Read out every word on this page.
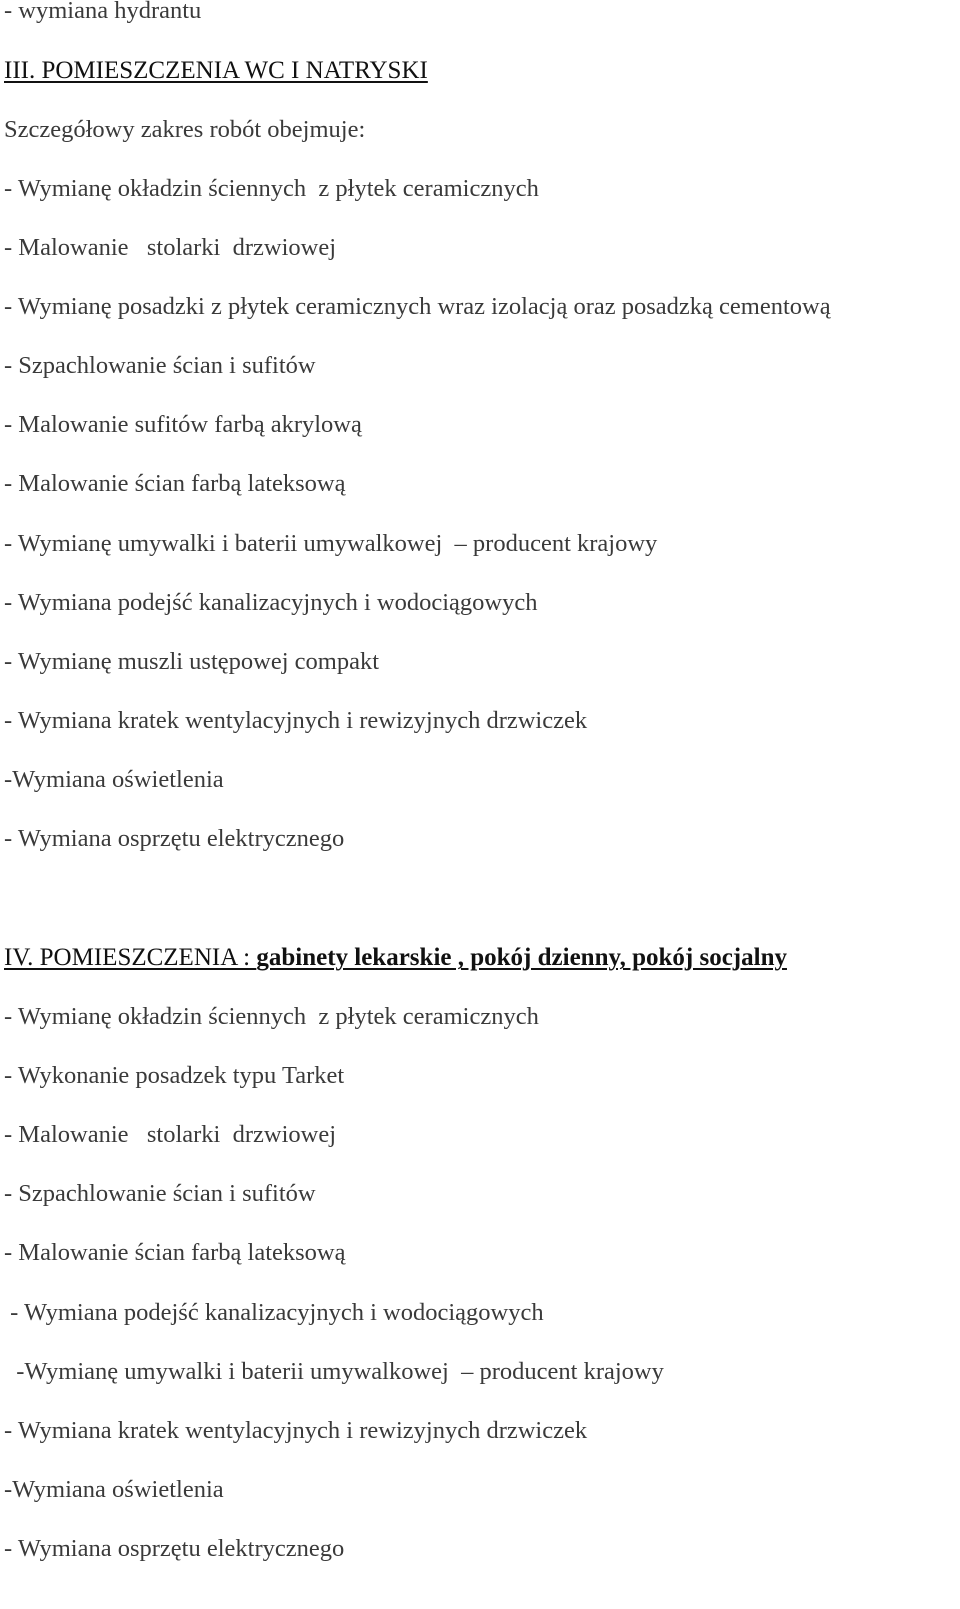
- wymiana hydrantu
III. POMIESZCZENIA WC I NATRYSKI
Szczegółowy zakres robót obejmuje:
- Wymianę okładzin ściennych  z płytek ceramicznych
- Malowanie   stolarki  drzwiowej
- Wymianę posadzki z płytek ceramicznych wraz izolacją oraz posadzką cementową
- Szpachlowanie ścian i sufitów
- Malowanie sufitów farbą akrylową
- Malowanie ścian farbą lateksową
- Wymianę umywalki i baterii umywalkowej  – producent krajowy
- Wymiana podejść kanalizacyjnych i wodociągowych
- Wymianę muszli ustępowej compakt
- Wymiana kratek wentylacyjnych i rewizyjnych drzwiczek
-Wymiana oświetlenia
- Wymiana osprzętu elektrycznego
IV. POMIESZCZENIA : gabinety lekarskie , pokój dzienny, pokój socjalny
- Wymianę okładzin ściennych  z płytek ceramicznych
- Wykonanie posadzek typu Tarket
- Malowanie   stolarki  drzwiowej
- Szpachlowanie ścian i sufitów
- Malowanie ścian farbą lateksową
- Wymiana podejść kanalizacyjnych i wodociągowych
-Wymianę umywalki i baterii umywalkowej  – producent krajowy
- Wymiana kratek wentylacyjnych i rewizyjnych drzwiczek
-Wymiana oświetlenia
- Wymiana osprzętu elektrycznego
